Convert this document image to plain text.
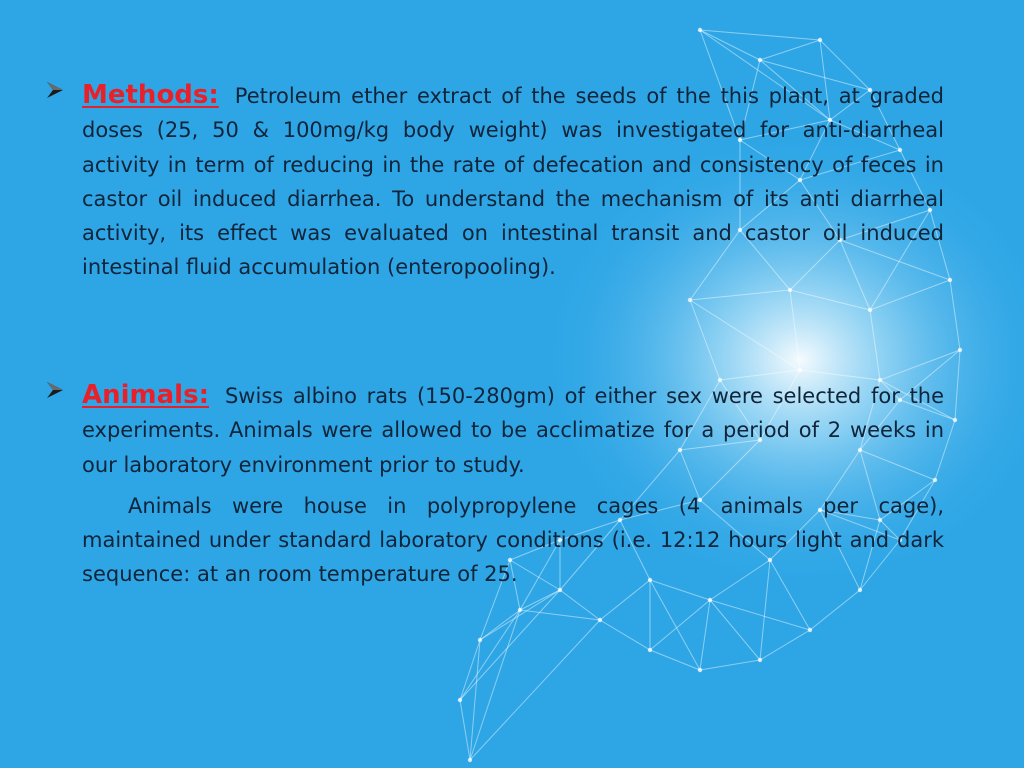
Methods: Petroleum ether extract of the seeds of the this plant, at graded doses (25, 50 & 100mg/kg body weight) was investigated for anti-diarrheal activity in term of reducing in the rate of defecation and consistency of feces in castor oil induced diarrhea. To understand the mechanism of its anti diarrheal activity, its effect was evaluated on intestinal transit and castor oil induced intestinal fluid accumulation (enteropooling).

Animals: Swiss albino rats (150-280gm) of either sex were selected for the experiments. Animals were allowed to be acclimatize for a period of 2 weeks in our laboratory environment prior to study.

Animals were house in polypropylene cages (4 animals per cage), maintained under standard laboratory conditions (i.e. 12:12 hours light and dark sequence: at an room temperature of 25.
